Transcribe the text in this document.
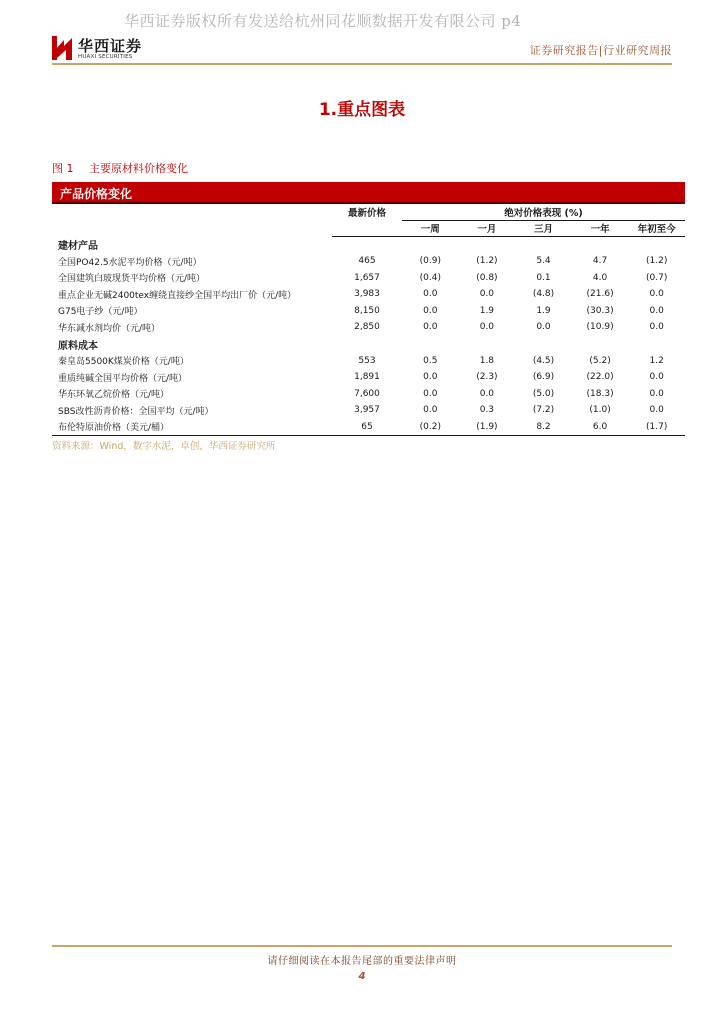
华西证券版权所有发送给杭州同花顺数据开发有限公司 p4
华西证券
HUAXI SECURITIES	证券研究报告|行业研究周报
1.重点图表
图 1 主要原材料价格变化
产品价格变化
	最新价格	绝对价格表现 (%)				
		一周	一月	三月	一年	年初至今
建材产品						
全国PO42.5水泥平均价格（元/吨）	465	(0.9)	(1.2)	5.4	4.7	(1.2)
全国建筑白玻现货平均价格（元/吨）	1,657	(0.4)	(0.8)	0.1	4.0	(0.7)
重点企业无碱2400tex缠绕直接纱全国平均出厂价（元/吨）	3,983	0.0	0.0	(4.8)	(21.6)	0.0
G75电子纱（元/吨）	8,150	0.0	1.9	1.9	(30.3)	0.0
华东减水剂均价（元/吨）	2,850	0.0	0.0	0.0	(10.9)	0.0
原料成本						
秦皇岛5500K煤炭价格（元/吨）	553	0.5	1.8	(4.5)	(5.2)	1.2
重质纯碱全国平均价格（元/吨）	1,891	0.0	(2.3)	(6.9)	(22.0)	0.0
华东环氧乙烷价格（元/吨）	7,600	0.0	0.0	(5.0)	(18.3)	0.0
SBS改性沥青价格：全国平均（元/吨）	3,957	0.0	0.3	(7.2)	(1.0)	0.0
布伦特原油价格（美元/桶）	65	(0.2)	(1.9)	8.2	6.0	(1.7)
资料来源：Wind，数字水泥，卓创，华西证券研究所
请仔细阅读在本报告尾部的重要法律声明
4
